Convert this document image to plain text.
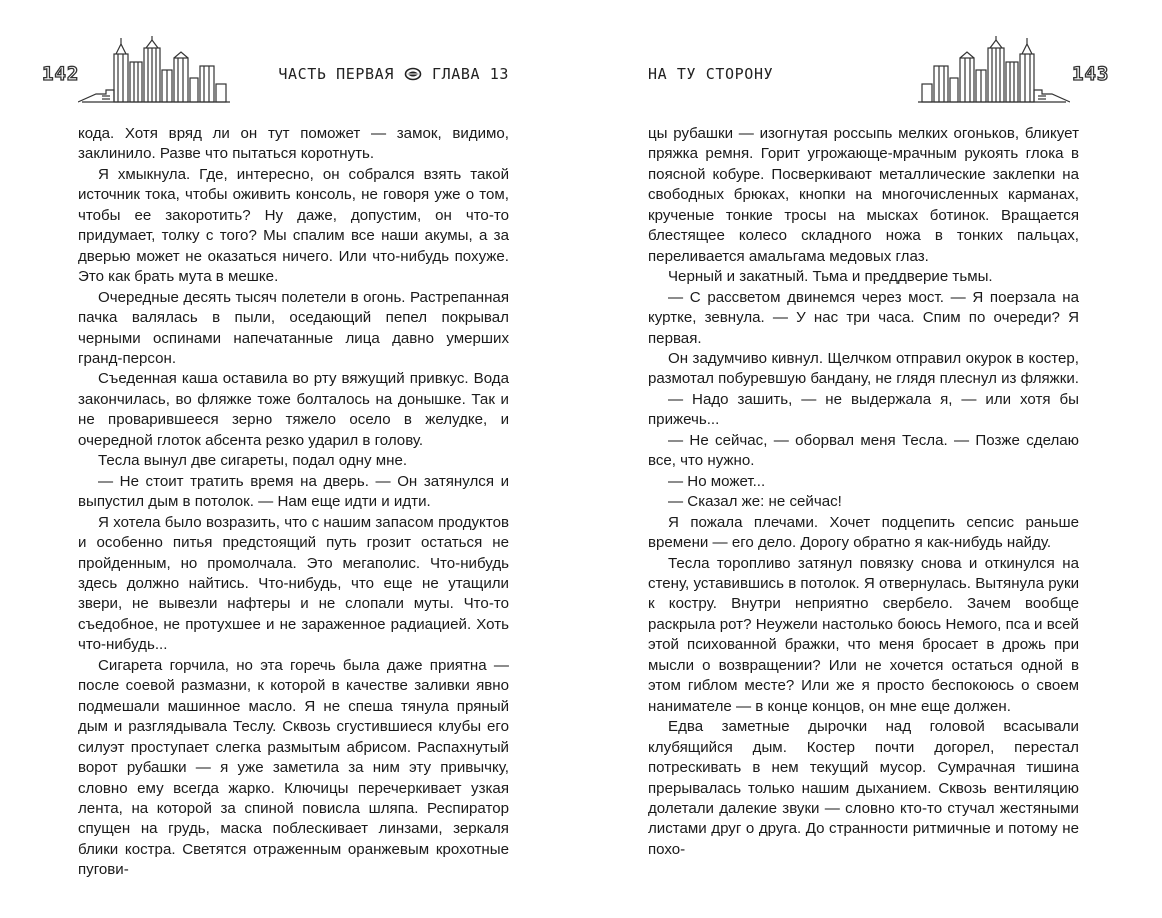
142	ЧАСТЬ ПЕРВАЯ	ГЛАВА 13

кода. Хотя вряд ли он тут поможет — замок, видимо, заклинило. Разве что пытаться коротнуть.

Я хмыкнула. Где, интересно, он собрался взять такой источник тока, чтобы оживить консоль, не говоря уже о том, чтобы ее закоротить? Ну даже, допустим, он что-то придумает, толку с того? Мы спалим все наши акумы, а за дверью может не оказаться ничего. Или что-нибудь похуже. Это как брать мута в мешке.

Очередные десять тысяч полетели в огонь. Растрепанная пачка валялась в пыли, оседающий пепел покрывал черными оспинами напечатанные лица давно умерших гранд-персон.

Съеденная каша оставила во рту вяжущий привкус. Вода закончилась, во фляжке тоже болталось на донышке. Так и не проварившееся зерно тяжело осело в желудке, и очередной глоток абсента резко ударил в голову.

Тесла вынул две сигареты, подал одну мне.

— Не стоит тратить время на дверь. — Он затянулся и выпустил дым в потолок. — Нам еще идти и идти.

Я хотела было возразить, что с нашим запасом продуктов и особенно питья предстоящий путь грозит остаться не пройденным, но промолчала. Это мегаполис. Что-нибудь здесь должно найтись. Что-нибудь, что еще не утащили звери, не вывезли нафтеры и не слопали муты. Что-то съедобное, не протухшее и не зараженное радиацией. Хоть что-нибудь...

Сигарета горчила, но эта горечь была даже приятна — после соевой размазни, к которой в качестве заливки явно подмешали машинное масло. Я не спеша тянула пряный дым и разглядывала Теслу. Сквозь сгустившиеся клубы его силуэт проступает слегка размытым абрисом. Распахнутый ворот рубашки — я уже заметила за ним эту привычку, словно ему всегда жарко. Ключицы перечеркивает узкая лента, на которой за спиной повисла шляпа. Респиратор спущен на грудь, маска поблескивает линзами, зеркаля блики костра. Светятся отраженным оранжевым крохотные пугови-

НА ТУ СТОРОНУ	143

цы рубашки — изогнутая россыпь мелких огоньков, бликует пряжка ремня. Горит угрожающе-мрачным рукоять глока в поясной кобуре. Посверкивают металлические заклепки на свободных брюках, кнопки на многочисленных карманах, крученые тонкие тросы на мысках ботинок. Вращается блестящее колесо складного ножа в тонких пальцах, переливается амальгама медовых глаз.

Черный и закатный. Тьма и преддверие тьмы.

— С рассветом двинемся через мост. — Я поерзала на куртке, зевнула. — У нас три часа. Спим по очереди? Я первая.

Он задумчиво кивнул. Щелчком отправил окурок в костер, размотал побуревшую бандану, не глядя плеснул из фляжки.

— Надо зашить, — не выдержала я, — или хотя бы прижечь...

— Не сейчас, — оборвал меня Тесла. — Позже сделаю все, что нужно.

— Но может...

— Сказал же: не сейчас!

Я пожала плечами. Хочет подцепить сепсис раньше времени — его дело. Дорогу обратно я как-нибудь найду.

Тесла торопливо затянул повязку снова и откинулся на стену, уставившись в потолок. Я отвернулась. Вытянула руки к костру. Внутри неприятно свербело. Зачем вообще раскрыла рот? Неужели настолько боюсь Немого, пса и всей этой психованной бражки, что меня бросает в дрожь при мысли о возвращении? Или не хочется остаться одной в этом гиблом месте? Или же я просто беспокоюсь о своем нанимателе — в конце концов, он мне еще должен.

Едва заметные дырочки над головой всасывали клубящийся дым. Костер почти догорел, перестал потрескивать в нем текущий мусор. Сумрачная тишина прерывалась только нашим дыханием. Сквозь вентиляцию долетали далекие звуки — словно кто-то стучал жестяными листами друг о друга. До странности ритмичные и потому не похо-
